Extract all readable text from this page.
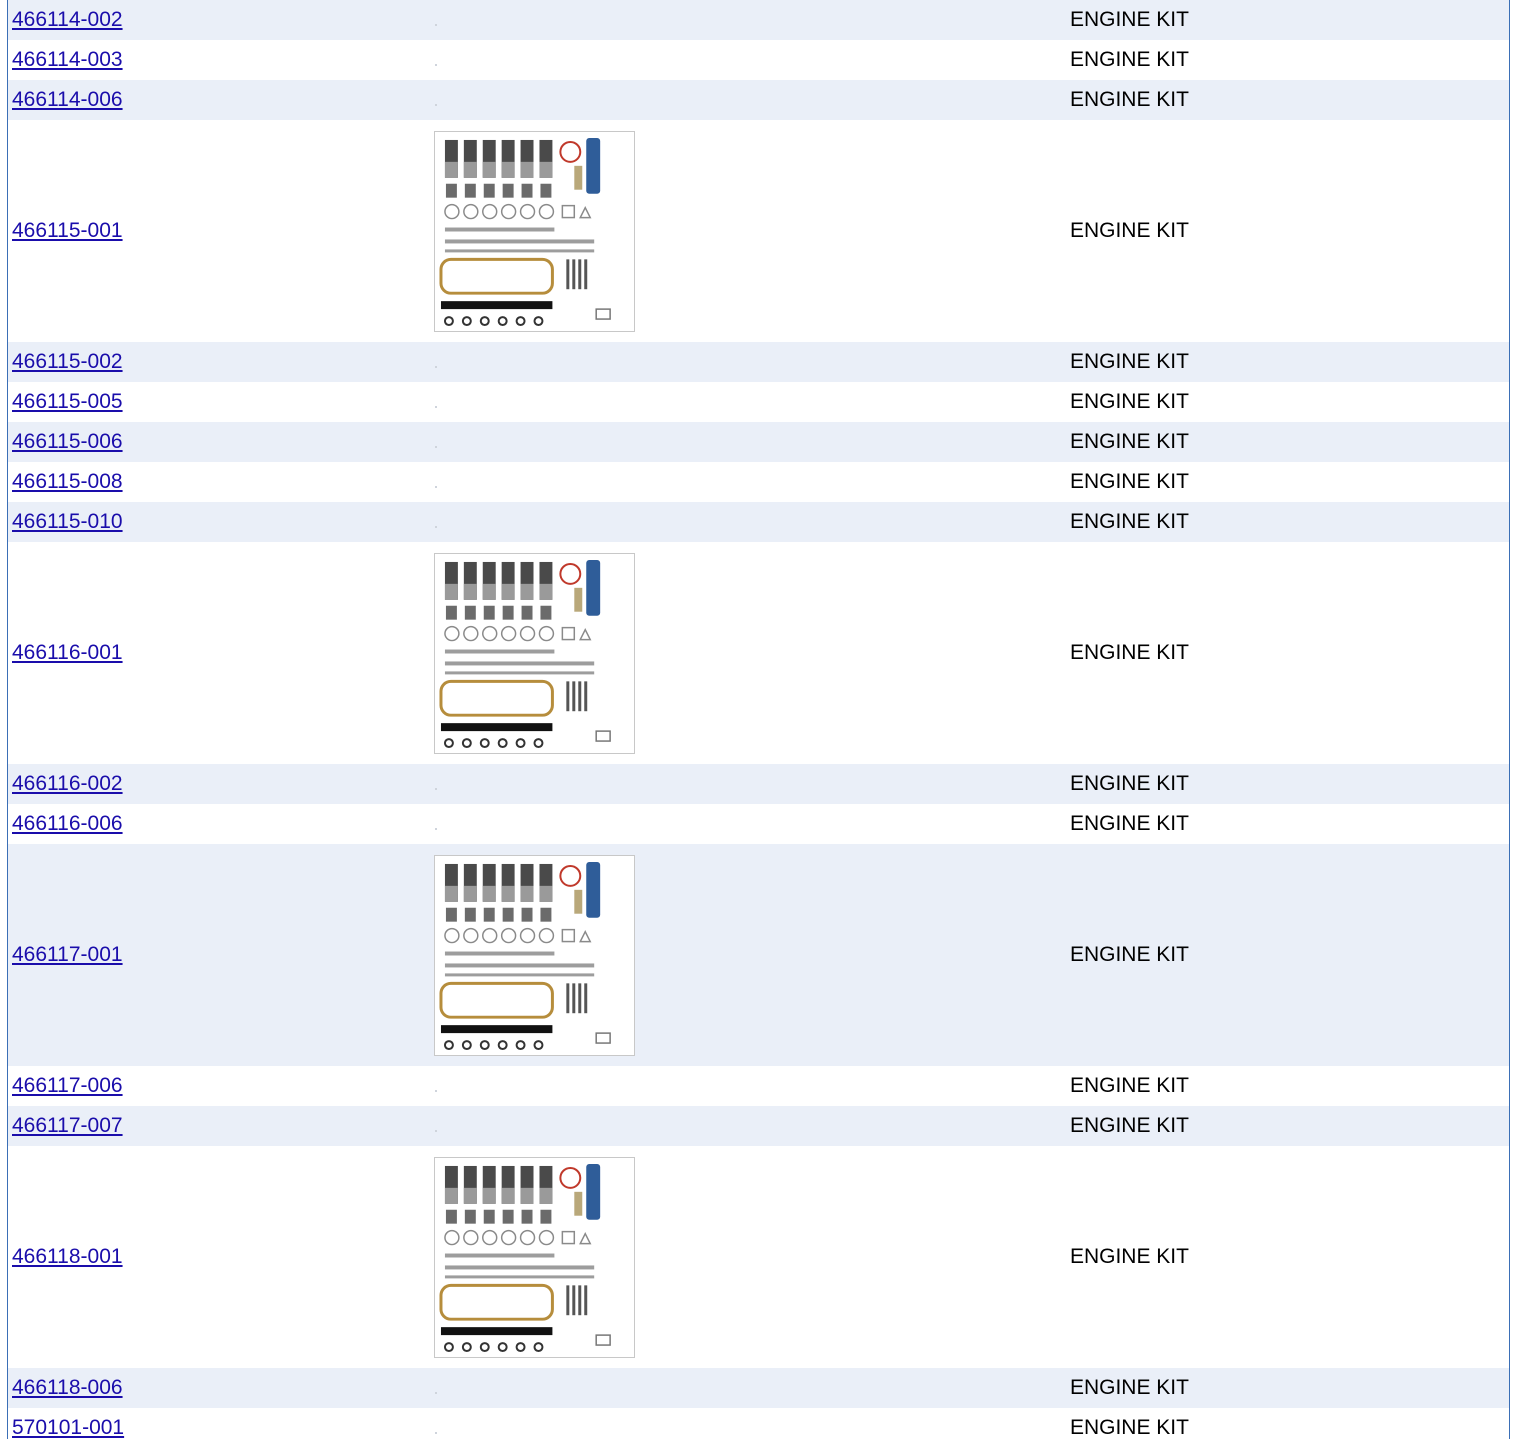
466114-002		ENGINE KIT
466114-003		ENGINE KIT
466114-006		ENGINE KIT
466115-001		ENGINE KIT
466115-002		ENGINE KIT
466115-005		ENGINE KIT
466115-006		ENGINE KIT
466115-008		ENGINE KIT
466115-010		ENGINE KIT
466116-001		ENGINE KIT
466116-002		ENGINE KIT
466116-006		ENGINE KIT
466117-001		ENGINE KIT
466117-006		ENGINE KIT
466117-007		ENGINE KIT
466118-001		ENGINE KIT
466118-006		ENGINE KIT
570101-001		ENGINE KIT
